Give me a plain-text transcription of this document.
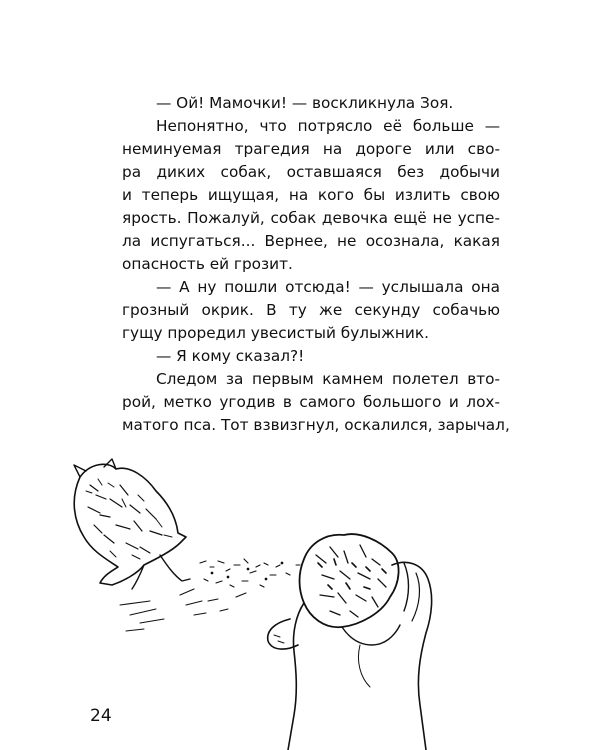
— Ой! Мамочки! — воскликнула Зоя.

Непонятно, что потрясло её больше —
неминуемая трагедия на дороге или сво-
ра диких собак, оставшаяся без добычи
и теперь ищущая, на кого бы излить свою
ярость. Пожалуй, собак девочка ещё не успе-
ла испугаться... Вернее, не осознала, какая
опасность ей грозит.

— А ну пошли отсюда! — услышала она
грозный окрик. В ту же секунду собачью
гущу проредил увесистый булыжник.

— Я кому сказал?!

Следом за первым камнем полетел вто-
рой, метко угодив в самого большого и лох-
матого пса. Тот взвизгнул, оскалился, зарычал,

24
